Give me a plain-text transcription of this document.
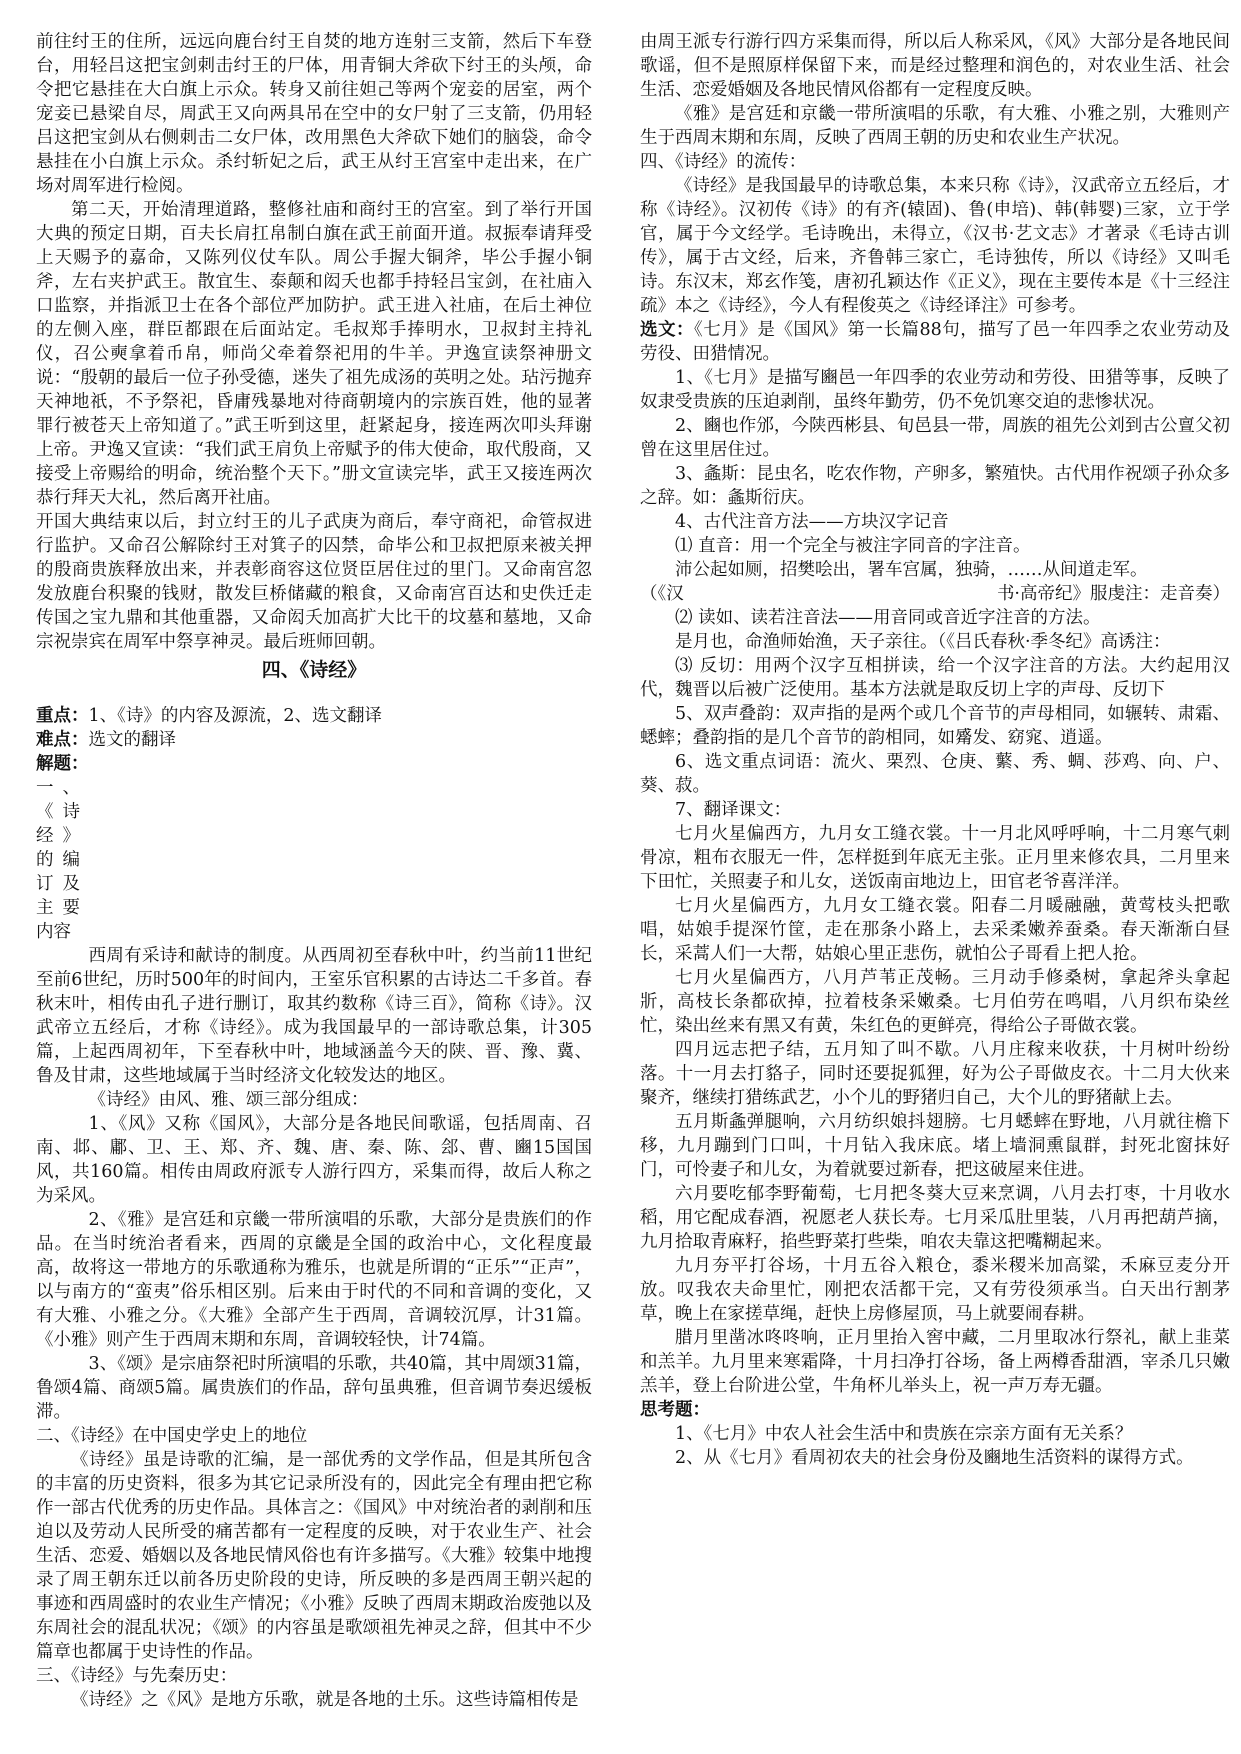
前往纣王的住所，远远向鹿台纣王自焚的地方连射三支箭，然后下车登台，用轻吕这把宝剑刺击纣王的尸体，用青铜大斧砍下纣王的头颅，命令把它悬挂在大白旗上示众。转身又前往妲己等两个宠妾的居室，两个宠妾已悬梁自尽，周武王又向两具吊在空中的女尸射了三支箭，仍用轻吕这把宝剑从右侧刺击二女尸体，改用黑色大斧砍下她们的脑袋，命令悬挂在小白旗上示众。杀纣斩妃之后，武王从纣王宫室中走出来，在广场对周军进行检阅。

第二天，开始清理道路，整修社庙和商纣王的宫室。到了举行开国大典的预定日期，百夫长肩扛帛制白旗在武王前面开道。叔振奉请拜受上天赐予的嘉命，又陈列仪仗车队。周公手握大铜斧，毕公手握小铜斧，左右夹护武王。散宜生、泰颠和闳夭也都手持轻吕宝剑，在社庙入口监察，并指派卫士在各个部位严加防护。武王进入社庙，在后土神位的左侧入座，群臣都跟在后面站定。毛叔郑手捧明水，卫叔封主持礼仪，召公奭拿着币帛，师尚父牵着祭祀用的牛羊。尹逸宣读祭神册文说：“殷朝的最后一位子孙受德，迷失了祖先成汤的英明之处。玷污抛弃天神地祇，不予祭祀，昏庸残暴地对待商朝境内的宗族百姓，他的显著罪行被苍天上帝知道了。”武王听到这里，赶紧起身，接连两次叩头拜谢上帝。尹逸又宣读：“我们武王肩负上帝赋予的伟大使命，取代殷商，又接受上帝赐给的明命，统治整个天下。”册文宣读完毕，武王又接连两次恭行拜天大礼，然后离开社庙。

开国大典结束以后，封立纣王的儿子武庚为商后，奉守商祀，命管叔进行监护。又命召公解除纣王对箕子的囚禁，命毕公和卫叔把原来被关押的殷商贵族释放出来，并表彰商容这位贤臣居住过的里门。又命南宫忽发放鹿台积聚的钱财，散发巨桥储藏的粮食，又命南宫百达和史佚迁走传国之宝九鼎和其他重器，又命闳夭加高扩大比干的坟墓和墓地，又命宗祝崇宾在周军中祭享神灵。最后班师回朝。

四、《诗经》

重点：1、《诗》的内容及源流，2、选文翻译

难点：选文的翻译

解题：

一、《诗经》的编订及主要内容

西周有采诗和献诗的制度。从西周初至春秋中叶，约当前11世纪至前6世纪，历时500年的时间内，王室乐官积累的古诗达二千多首。春秋末叶，相传由孔子进行删订，取其约数称《诗三百》，简称《诗》。汉武帝立五经后，才称《诗经》。成为我国最早的一部诗歌总集，计305篇，上起西周初年，下至春秋中叶，地域涵盖今天的陕、晋、豫、冀、鲁及甘肃，这些地域属于当时经济文化较发达的地区。

《诗经》由风、雅、颂三部分组成：

1、《风》又称《国风》，大部分是各地民间歌谣，包括周南、召南、邶、鄘、卫、王、郑、齐、魏、唐、秦、陈、郐、曹、豳15国国风，共160篇。相传由周政府派专人游行四方，采集而得，故后人称之为采风。

2、《雅》是宫廷和京畿一带所演唱的乐歌，大部分是贵族们的作品。在当时统治者看来，西周的京畿是全国的政治中心，文化程度最高，故将这一带地方的乐歌通称为雅乐，也就是所谓的“正乐”“正声”，以与南方的“蛮夷”俗乐相区别。后来由于时代的不同和音调的变化，又有大雅、小雅之分。《大雅》全部产生于西周，音调较沉厚，计31篇。《小雅》则产生于西周末期和东周，音调较轻快，计74篇。

3、《颂》是宗庙祭祀时所演唱的乐歌，共40篇，其中周颂31篇，鲁颂4篇、商颂5篇。属贵族们的作品，辞句虽典雅，但音调节奏迟缓板滞。

二、《诗经》在中国史学史上的地位

《诗经》虽是诗歌的汇编，是一部优秀的文学作品，但是其所包含的丰富的历史资料，很多为其它记录所没有的，因此完全有理由把它称作一部古代优秀的历史作品。具体言之：《国风》中对统治者的剥削和压迫以及劳动人民所受的痛苦都有一定程度的反映，对于农业生产、社会生活、恋爱、婚姻以及各地民情风俗也有许多描写。《大雅》较集中地搜录了周王朝东迁以前各历史阶段的史诗，所反映的多是西周王朝兴起的事迹和西周盛时的农业生产情况；《小雅》反映了西周末期政治废弛以及东周社会的混乱状况；《颂》的内容虽是歌颂祖先神灵之辞，但其中不少篇章也都属于史诗性的作品。

三、《诗经》与先秦历史：

《诗经》之《风》是地方乐歌，就是各地的土乐。这些诗篇相传是

由周王派专行游行四方采集而得，所以后人称采风，《风》大部分是各地民间歌谣，但不是照原样保留下来，而是经过整理和润色的，对农业生活、社会生活、恋爱婚姻及各地民情风俗都有一定程度反映。

《雅》是宫廷和京畿一带所演唱的乐歌，有大雅、小雅之别，大雅则产生于西周末期和东周，反映了西周王朝的历史和农业生产状况。

四、《诗经》的流传：

《诗经》是我国最早的诗歌总集，本来只称《诗》，汉武帝立五经后，才称《诗经》。汉初传《诗》的有齐(辕固)、鲁(申培)、韩(韩婴)三家，立于学官，属于今文经学。毛诗晚出，未得立，《汉书·艺文志》才著录《毛诗古训传》，属于古文经，后来，齐鲁韩三家亡，毛诗独传，所以《诗经》又叫毛诗。东汉末，郑玄作笺，唐初孔颖达作《正义》，现在主要传本是《十三经注疏》本之《诗经》，今人有程俊英之《诗经译注》可参考。

选文：《七月》是《国风》第一长篇88句，描写了邑一年四季之农业劳动及劳役、田猎情况。

1、《七月》是描写豳邑一年四季的农业劳动和劳役、田猎等事，反映了奴隶受贵族的压迫剥削，虽终年勤劳，仍不免饥寒交迫的悲惨状况。

2、豳也作邠，今陕西彬县、旬邑县一带，周族的祖先公刘到古公亶父初曾在这里居住过。

3、螽斯：昆虫名，吃农作物，产卵多，繁殖快。古代用作祝颂子孙众多之辞。如：螽斯衍庆。

4、古代注音方法——方块汉字记音

⑴ 直音：用一个完全与被注字同音的字注音。

沛公起如厕，招樊哙出，署车宫属，独骑，……从间道走军。

（《汉	书·高帝纪》服虔注：走音奏）

⑵ 读如、读若注音法——用音同或音近字注音的方法。

是月也，命渔师始渔，天子亲往。（《吕氏春秋·季冬纪》高诱注：

⑶ 反切：用两个汉字互相拼读，给一个汉字注音的方法。大约起用汉代，魏晋以后被广泛使用。基本方法就是取反切上字的声母、反切下

5、双声叠韵：双声指的是两个或几个音节的声母相同，如辗转、肃霜、蟋蟀；叠韵指的是几个音节的韵相同，如觱发、窈窕、逍遥。

6、选文重点词语：流火、栗烈、仓庚、蘩、秀、蜩、莎鸡、向、户、葵、菽。

7、翻译课文：

七月火星偏西方，九月女工缝衣裳。十一月北风呼呼响，十二月寒气刺骨凉，粗布衣服无一件，怎样挺到年底无主张。正月里来修农具，二月里来下田忙，关照妻子和儿女，送饭南亩地边上，田官老爷喜洋洋。

七月火星偏西方，九月女工缝衣裳。阳春二月暖融融，黄莺枝头把歌唱，姑娘手提深竹筐，走在那条小路上，去采柔嫩养蚕桑。春天渐渐白昼长，采蒿人们一大帮，姑娘心里正悲伤，就怕公子哥看上把人抢。

七月火星偏西方，八月芦苇正茂畅。三月动手修桑树，拿起斧头拿起斨，高枝长条都砍掉，拉着枝条采嫩桑。七月伯劳在鸣唱，八月织布染丝忙，染出丝来有黑又有黄，朱红色的更鲜亮，得给公子哥做衣裳。

四月远志把子结，五月知了叫不歇。八月庄稼来收获，十月树叶纷纷落。十一月去打貉子，同时还要捉狐狸，好为公子哥做皮衣。十二月大伙来聚齐，继续打猎练武艺，小个儿的野猪归自己，大个儿的野猪献上去。

五月斯螽弹腿响，六月纺织娘抖翅膀。七月蟋蟀在野地，八月就往檐下移，九月蹦到门口叫，十月钻入我床底。堵上墙洞熏鼠群，封死北窗抹好门，可怜妻子和儿女，为着就要过新春，把这破屋来住进。

六月要吃郁李野葡萄，七月把冬葵大豆来烹调，八月去打枣，十月收水稻，用它配成春酒，祝愿老人获长寿。七月采瓜肚里装，八月再把葫芦摘，九月拾取青麻籽，掐些野菜打些柴，咱农夫靠这把嘴糊起来。

九月夯平打谷场，十月五谷入粮仓，黍米稷米加高粱，禾麻豆麦分开放。叹我农夫命里忙，刚把农活都干完，又有劳役须承当。白天出行割茅草，晚上在家搓草绳，赶快上房修屋顶，马上就要闹春耕。

腊月里凿冰咚咚响，正月里抬入窖中藏，二月里取冰行祭礼，献上韭菜和羔羊。九月里来寒霜降，十月扫净打谷场，备上两樽香甜酒，宰杀几只嫩羔羊，登上台阶进公堂，牛角杯儿举头上，祝一声万寿无疆。

思考题：

1、《七月》中农人社会生活中和贵族在宗亲方面有无关系？

2、从《七月》看周初农夫的社会身份及豳地生活资料的谋得方式。
